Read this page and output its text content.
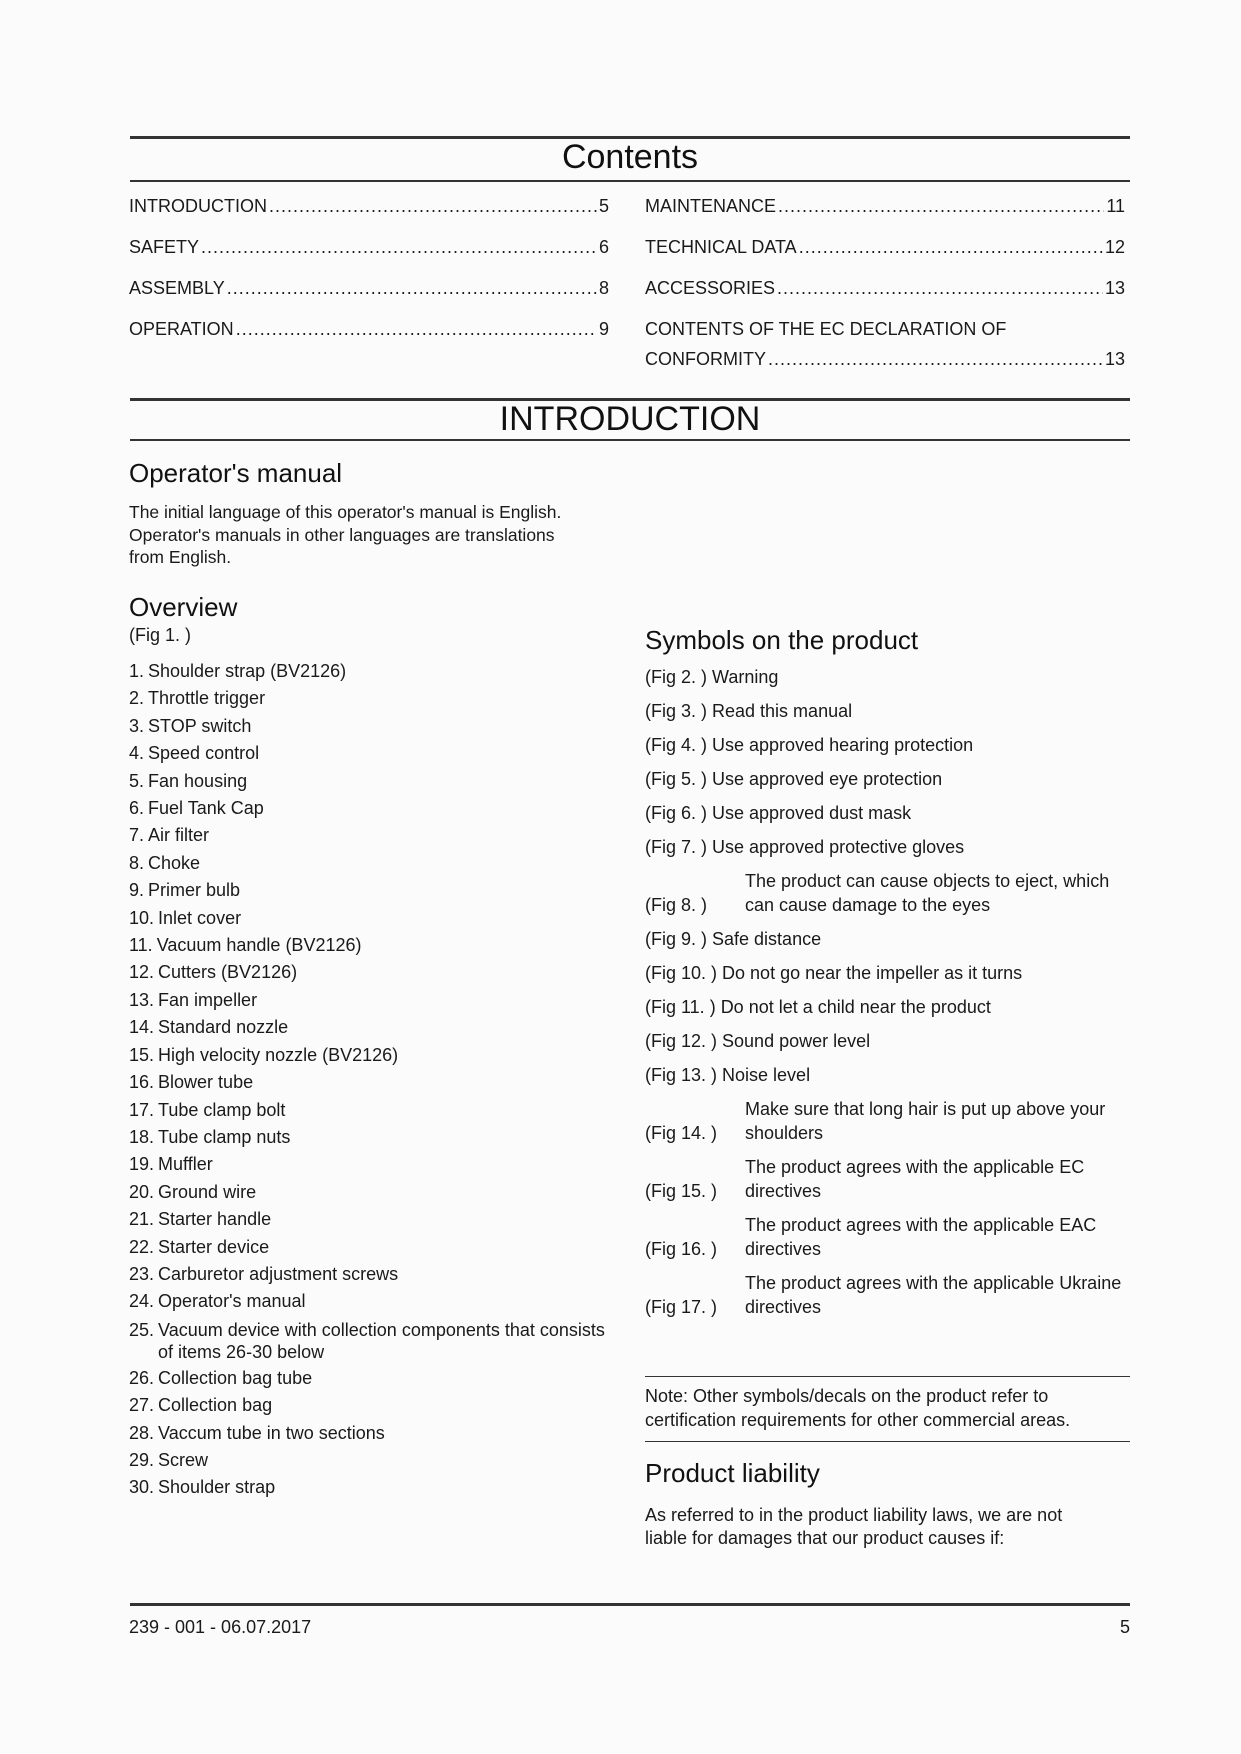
Contents
INTRODUCTION .....	5
SAFETY .....	6
ASSEMBLY .....	8
OPERATION .....	9
MAINTENANCE .....	11
TECHNICAL DATA .....	12
ACCESSORIES .....	13
CONTENTS OF THE EC DECLARATION OF
CONFORMITY .....	13
INTRODUCTION
Operator's manual
The initial language of this operator's manual is English.
Operator's manuals in other languages are translations
from English.
Overview
(Fig 1. )
1. Shoulder strap (BV2126)
2. Throttle trigger
3. STOP switch
4. Speed control
5. Fan housing
6. Fuel Tank Cap
7. Air filter
8. Choke
9. Primer bulb
10. Inlet cover
11. Vacuum handle (BV2126)
12. Cutters (BV2126)
13. Fan impeller
14. Standard nozzle
15. High velocity nozzle (BV2126)
16. Blower tube
17. Tube clamp bolt
18. Tube clamp nuts
19. Muffler
20. Ground wire
21. Starter handle
22. Starter device
23. Carburetor adjustment screws
24. Operator's manual
25. Vacuum device with collection components that consists of items 26-30 below
26. Collection bag tube
27. Collection bag
28. Vaccum tube in two sections
29. Screw
30. Shoulder strap
Symbols on the product
(Fig 2. ) Warning
(Fig 3. ) Read this manual
(Fig 4. ) Use approved hearing protection
(Fig 5. ) Use approved eye protection
(Fig 6. ) Use approved dust mask
(Fig 7. ) Use approved protective gloves
(Fig 8. )
The product can cause objects to eject, which can cause damage to the eyes
(Fig 9. ) Safe distance
(Fig 10. ) Do not go near the impeller as it turns
(Fig 11. ) Do not let a child near the product
(Fig 12. ) Sound power level
(Fig 13. ) Noise level
(Fig 14. )
Make sure that long hair is put up above your shoulders
(Fig 15. )
The product agrees with the applicable EC directives
(Fig 16. )
The product agrees with the applicable EAC directives
(Fig 17. )
The product agrees with the applicable Ukraine directives
Note: Other symbols/decals on the product refer to
certification requirements for other commercial areas.
Product liability
As referred to in the product liability laws, we are not
liable for damages that our product causes if:
239 - 001 - 06.07.2017	5
